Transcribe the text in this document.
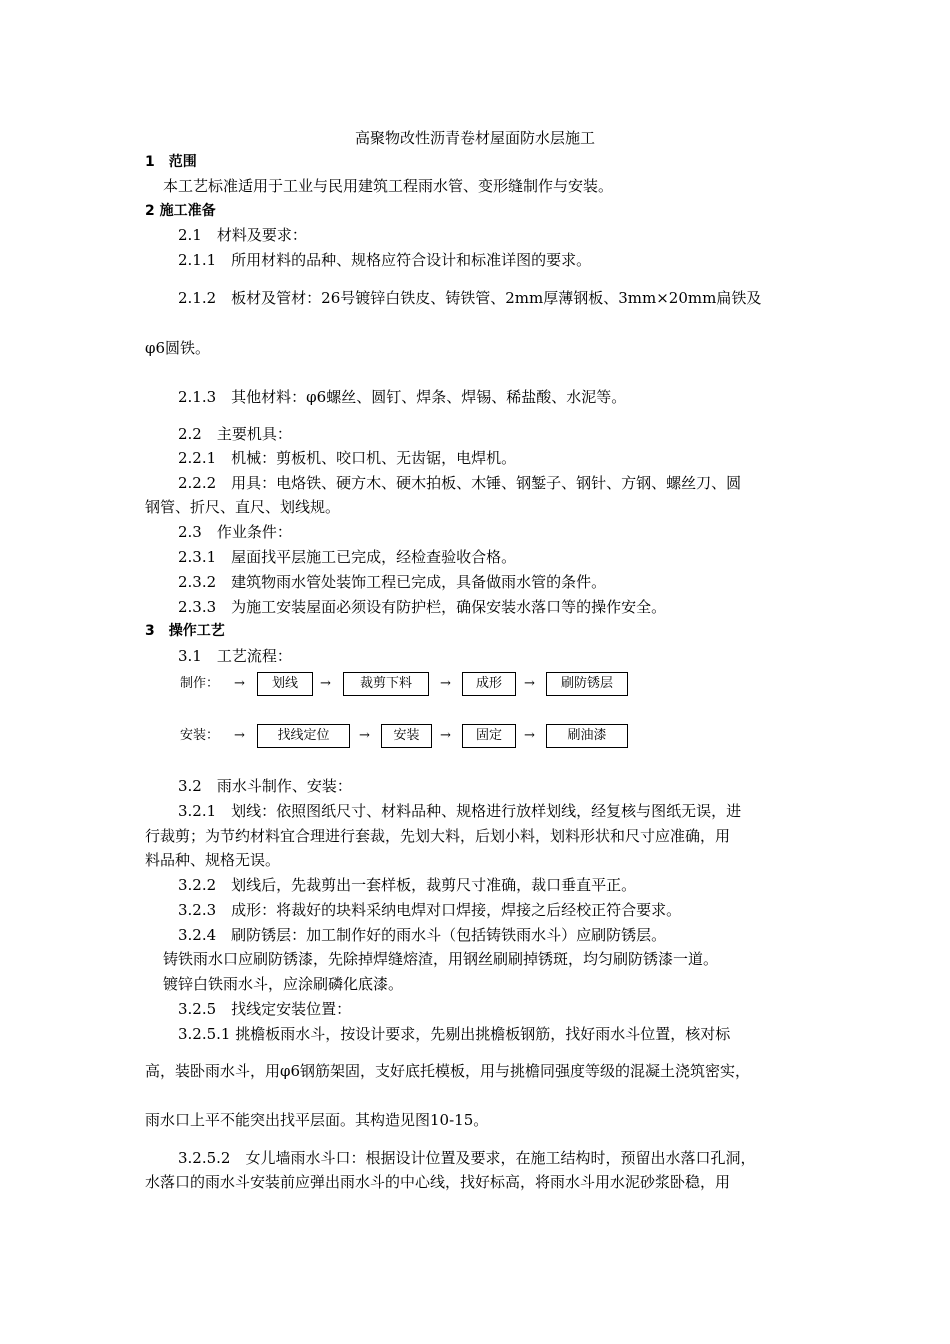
高聚物改性沥青卷材屋面防水层施工
1　范围
本工艺标准适用于工业与民用建筑工程雨水管、变形缝制作与安装。
2 施工准备
2.1　材料及要求：
2.1.1　所用材料的品种、规格应符合设计和标准详图的要求。
2.1.2　板材及管材：26号镀锌白铁皮、铸铁管、2mm厚薄钢板、3mm×20mm扁铁及
φ6圆铁。
2.1.3　其他材料：φ6螺丝、圆钉、焊条、焊锡、稀盐酸、水泥等。
2.2　主要机具：
2.2.1　机械：剪板机、咬口机、无齿锯，电焊机。
2.2.2　用具：电烙铁、硬方木、硬木拍板、木锤、钢錾子、钢针、方钢、螺丝刀、圆
钢管、折尺、直尺、划线规。
2.3　作业条件：
2.3.1　屋面找平层施工已完成，经检查验收合格。
2.3.2　建筑物雨水管处装饰工程已完成，具备做雨水管的条件。
2.3.3　为施工安装屋面必须设有防护栏，确保安装水落口等的操作安全。
3　操作工艺
3.1　工艺流程：
制作： →	划线	→	裁剪下料	→	成形	→	刷防锈层
安装： →	找线定位	→	安装	→	固定	→	刷油漆
3.2　雨水斗制作、安装：
3.2.1　划线：依照图纸尺寸、材料品种、规格进行放样划线，经复核与图纸无误，进
行裁剪；为节约材料宜合理进行套裁，先划大料，后划小料，划料形状和尺寸应准确，用
料品种、规格无误。
3.2.2　划线后，先裁剪出一套样板，裁剪尺寸准确，裁口垂直平正。
3.2.3　成形：将裁好的块料采纳电焊对口焊接，焊接之后经校正符合要求。
3.2.4　刷防锈层：加工制作好的雨水斗（包括铸铁雨水斗）应刷防锈层。
铸铁雨水口应刷防锈漆，先除掉焊缝熔渣，用钢丝刷刷掉锈斑，均匀刷防锈漆一道。
镀锌白铁雨水斗，应涂刷磷化底漆。
3.2.5　找线定安装位置：
3.2.5.1 挑檐板雨水斗，按设计要求，先剔出挑檐板钢筋，找好雨水斗位置，核对标
高，装卧雨水斗，用φ6钢筋架固，支好底托模板，用与挑檐同强度等级的混凝土浇筑密实，
雨水口上平不能突出找平层面。其构造见图10-15。
3.2.5.2　女儿墙雨水斗口：根据设计位置及要求，在施工结构时，预留出水落口孔洞，
水落口的雨水斗安装前应弹出雨水斗的中心线，找好标高，将雨水斗用水泥砂浆卧稳，用
